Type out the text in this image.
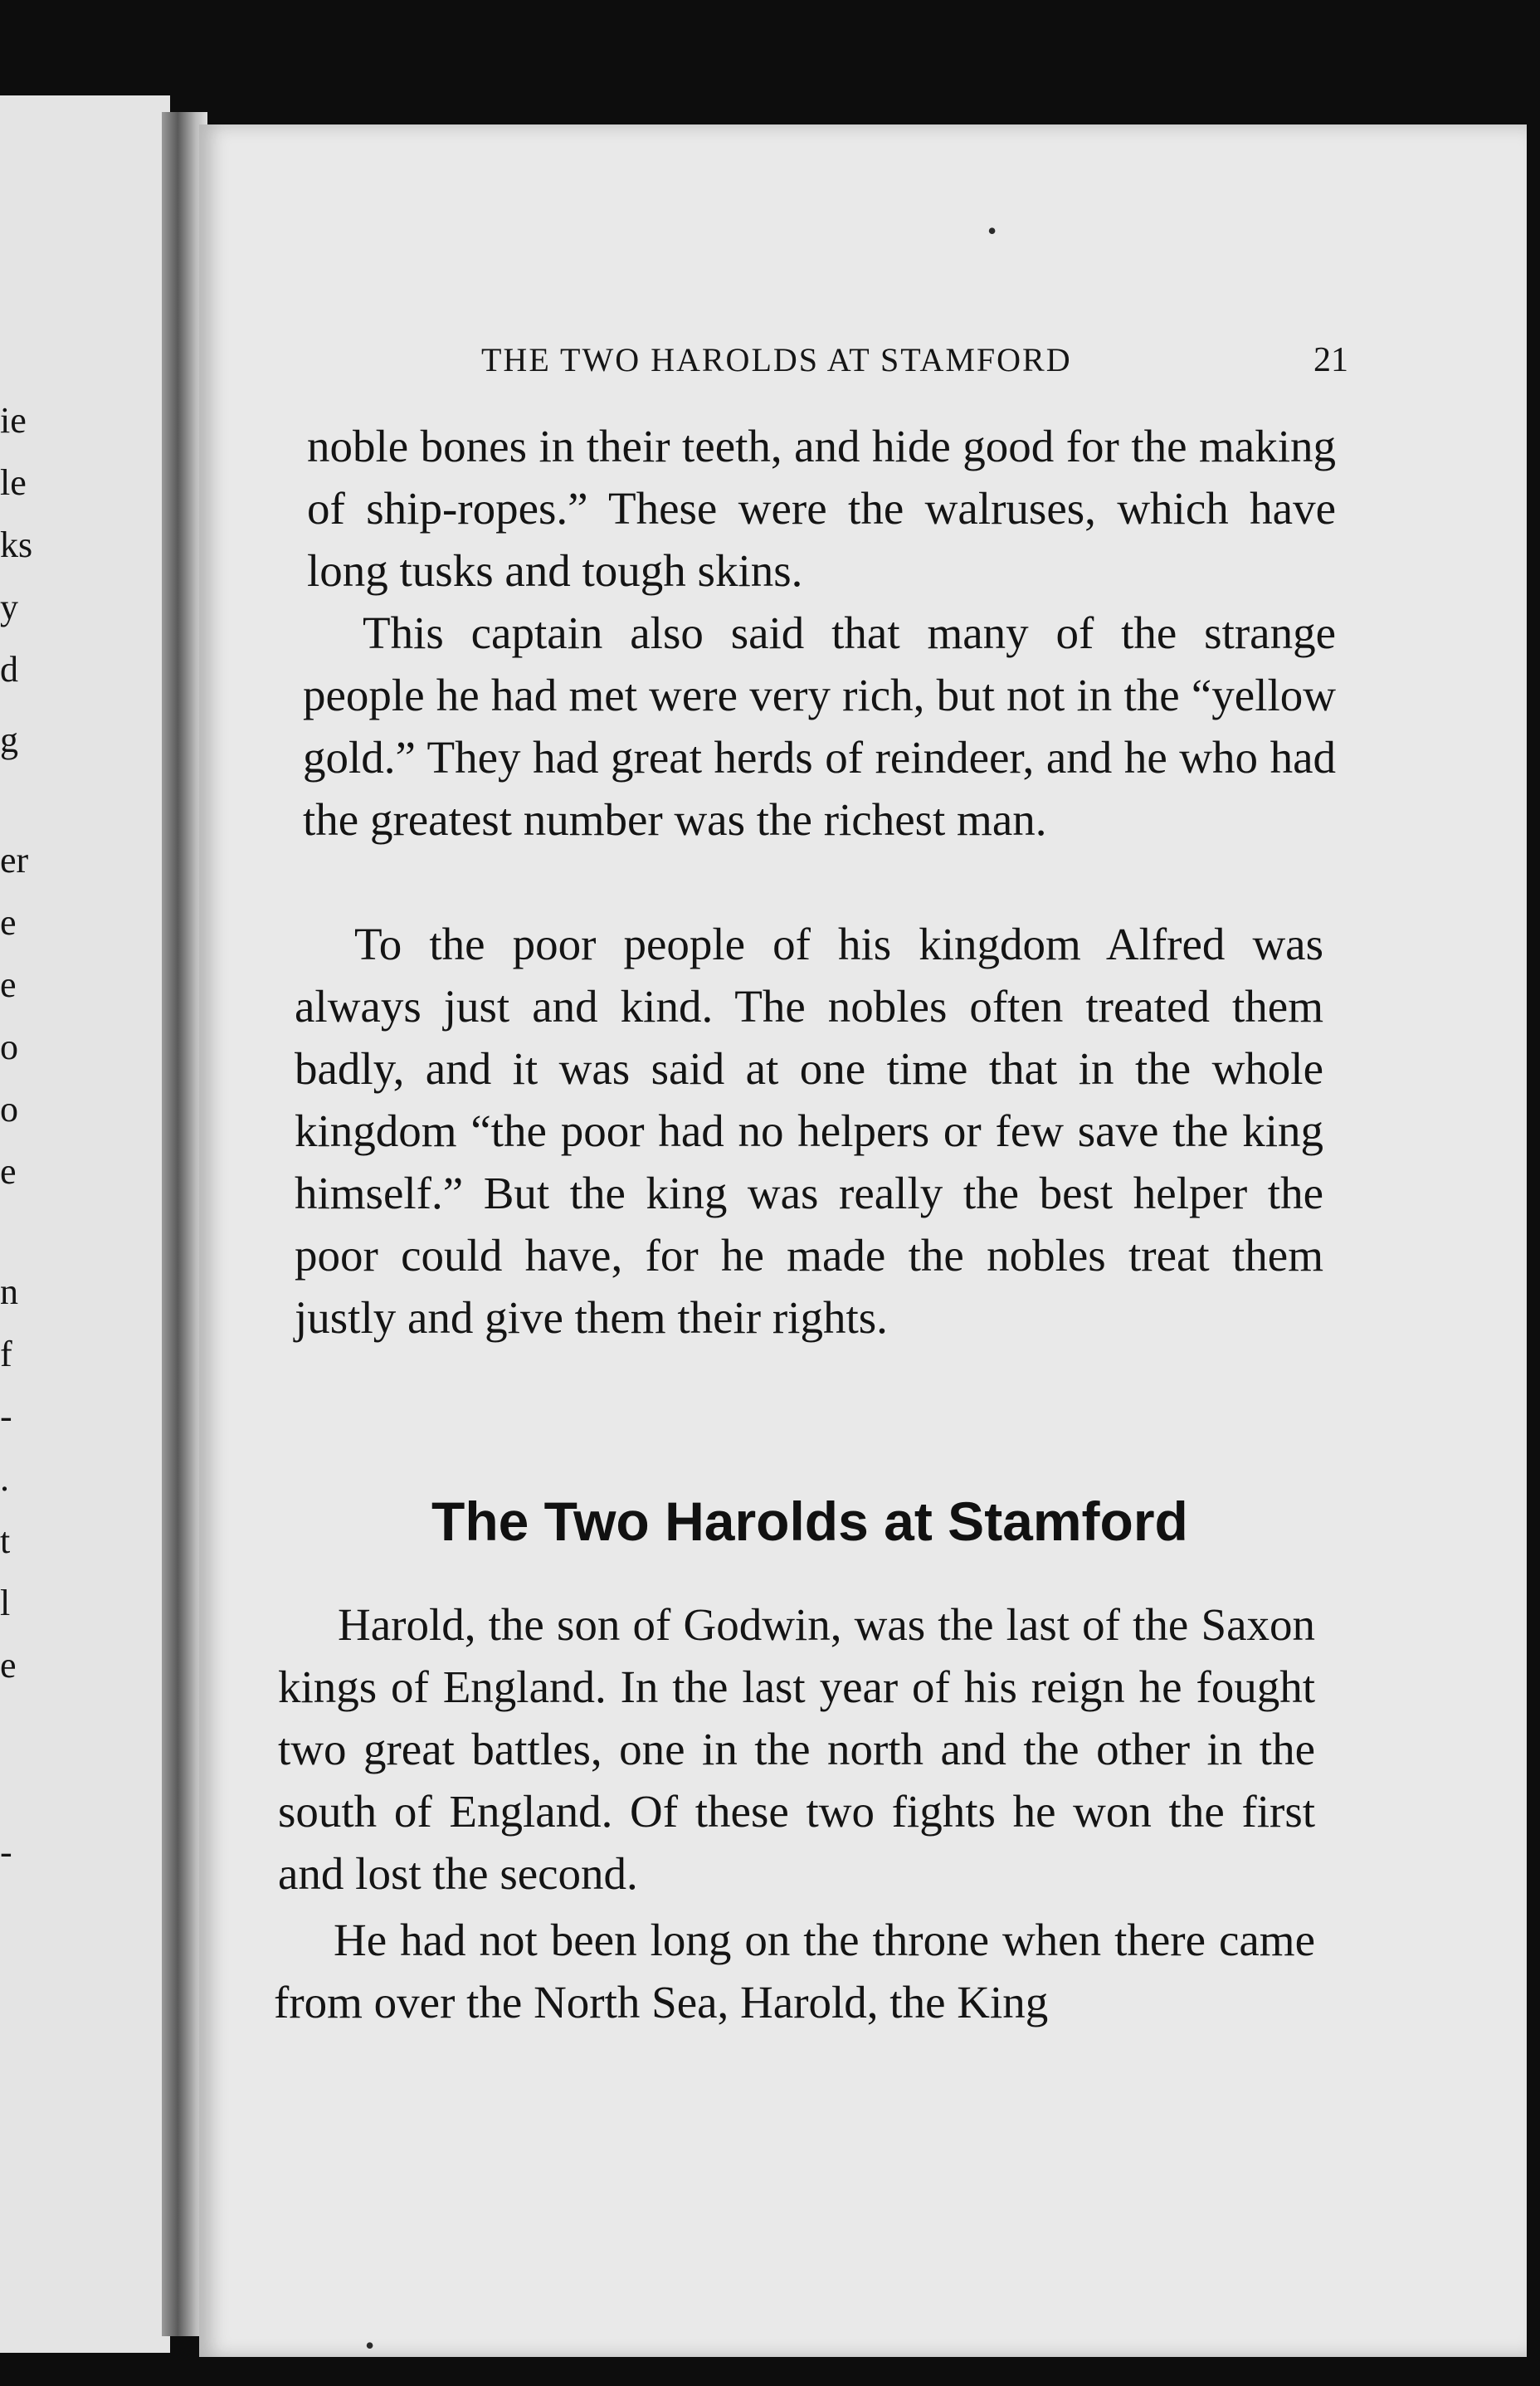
ie

le

ks

y

d

g

er

e

e

o

o

e

n

f

-

.

t

l

e

-

THE TWO HAROLDS AT STAMFORD	21

noble bones in their teeth, and hide good for the making of ship-ropes.” These were the walruses, which have long tusks and tough skins.

This captain also said that many of the strange people he had met were very rich, but not in the “yellow gold.” They had great herds of reindeer, and he who had the greatest number was the richest man.

To the poor people of his kingdom Alfred was always just and kind. The nobles often treated them badly, and it was said at one time that in the whole kingdom “the poor had no helpers or few save the king himself.” But the king was really the best helper the poor could have, for he made the nobles treat them justly and give them their rights.

The Two Harolds at Stamford

Harold, the son of Godwin, was the last of the Saxon kings of England. In the last year of his reign he fought two great battles, one in the north and the other in the south of England. Of these two fights he won the first and lost the second.

He had not been long on the throne when there came from over the North Sea, Harold, the King

•
•
